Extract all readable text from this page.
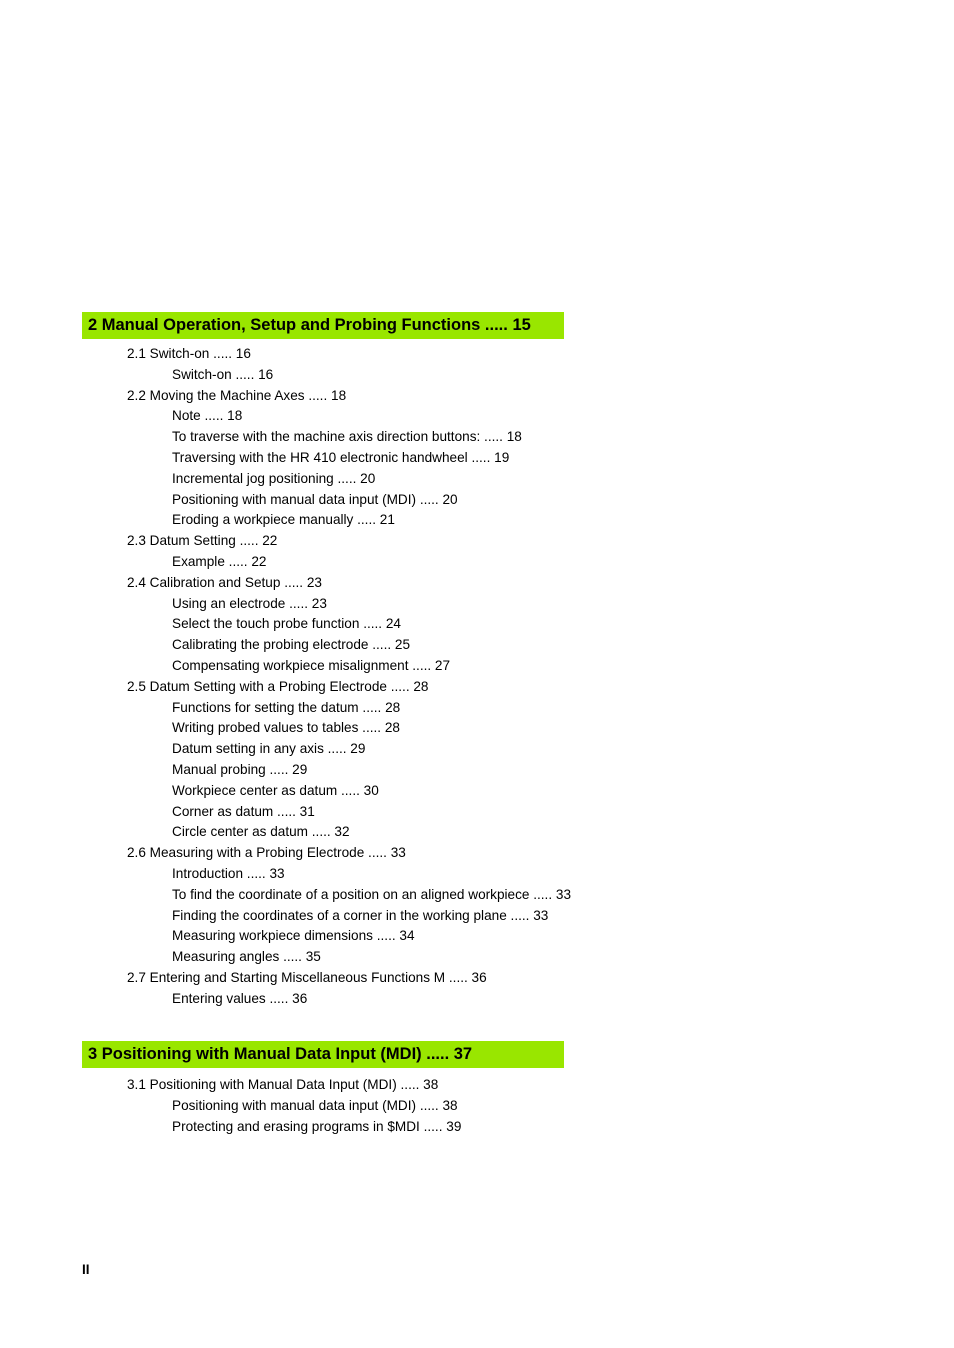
2 Manual Operation, Setup and Probing Functions ..... 15
2.1 Switch-on ..... 16
Switch-on ..... 16
2.2 Moving the Machine Axes ..... 18
Note ..... 18
To traverse with the machine axis direction buttons: ..... 18
Traversing with the HR 410 electronic handwheel ..... 19
Incremental jog positioning ..... 20
Positioning with manual data input (MDI) ..... 20
Eroding a workpiece manually ..... 21
2.3 Datum Setting ..... 22
Example ..... 22
2.4 Calibration and Setup ..... 23
Using an electrode ..... 23
Select the touch probe function ..... 24
Calibrating the probing electrode ..... 25
Compensating workpiece misalignment ..... 27
2.5 Datum Setting with a Probing Electrode ..... 28
Functions for setting the datum ..... 28
Writing probed values to tables ..... 28
Datum setting in any axis ..... 29
Manual probing ..... 29
Workpiece center as datum ..... 30
Corner as datum ..... 31
Circle center as datum ..... 32
2.6 Measuring with a Probing Electrode ..... 33
Introduction ..... 33
To find the coordinate of a position on an aligned workpiece ..... 33
Finding the coordinates of a corner in the working plane ..... 33
Measuring workpiece dimensions ..... 34
Measuring angles ..... 35
2.7 Entering and Starting Miscellaneous Functions M ..... 36
Entering values ..... 36
3 Positioning with Manual Data Input (MDI) ..... 37
3.1 Positioning with Manual Data Input (MDI) ..... 38
Positioning with manual data input (MDI) ..... 38
Protecting and erasing programs in $MDI ..... 39
II
